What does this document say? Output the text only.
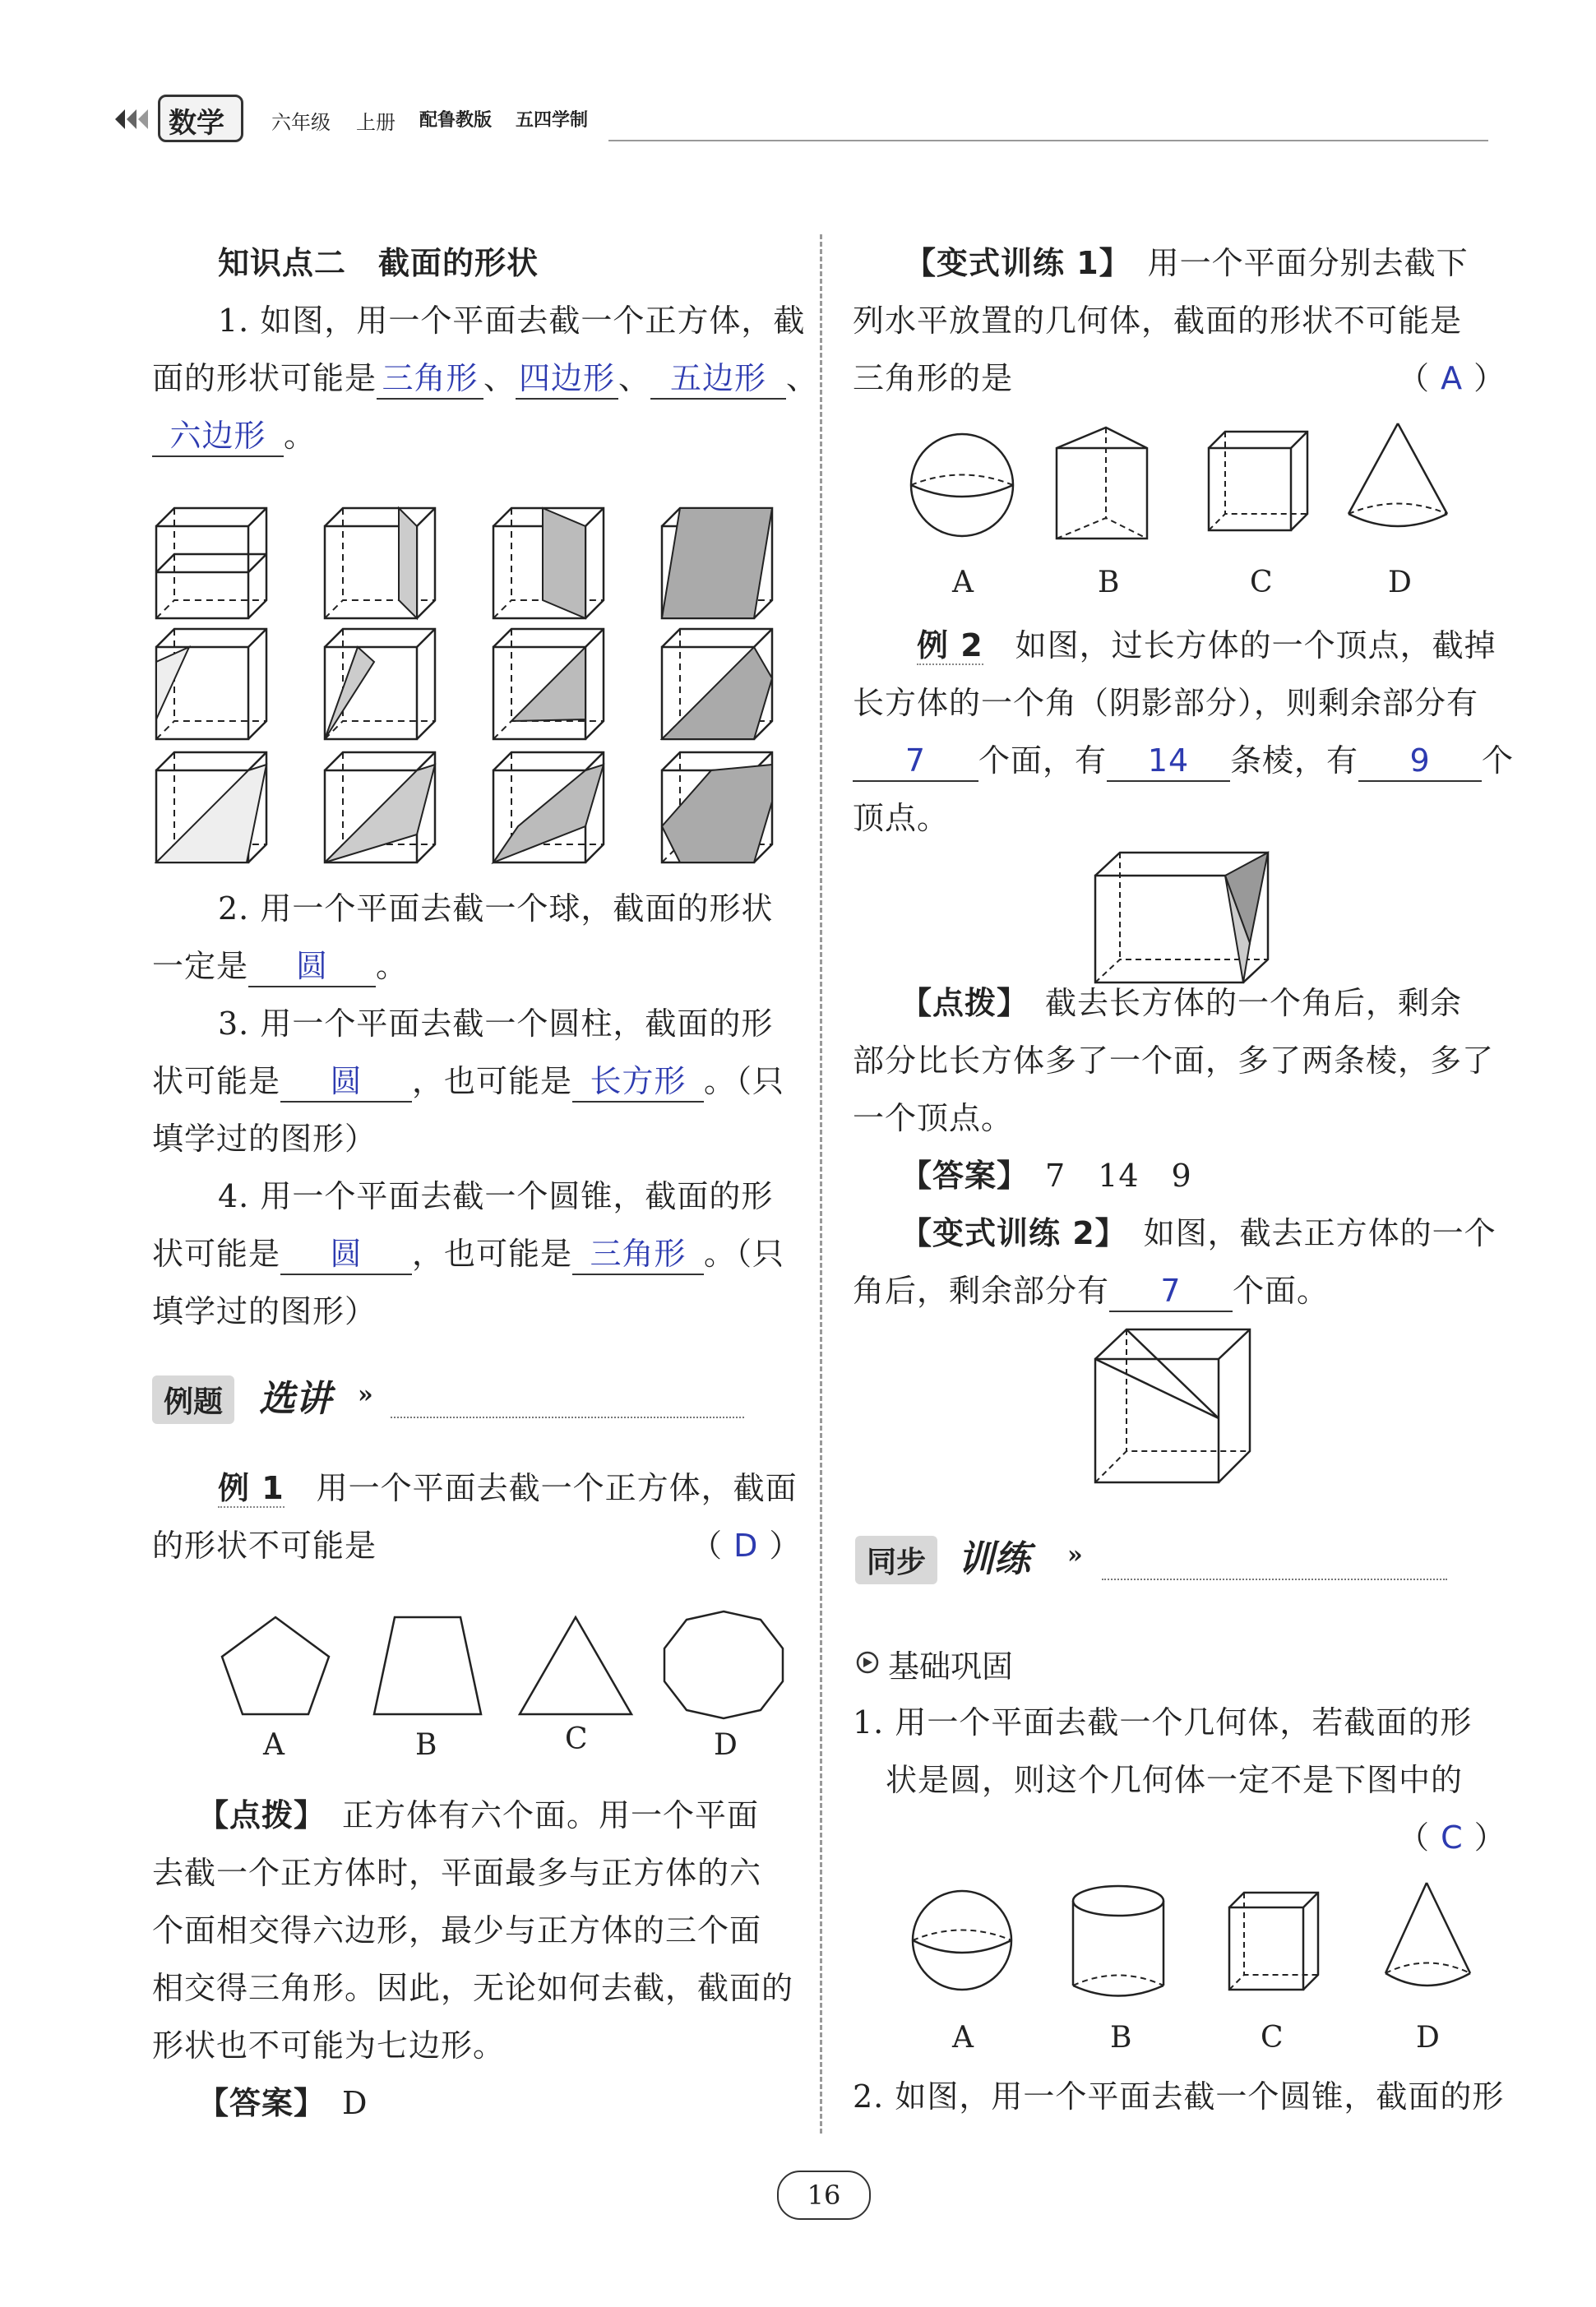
数学 六年级 上册 配鲁教版 五四学制
知识点二　截面的形状
1. 如图，用一个平面去截一个正方体，截
面的形状可能是 三角形 、 四边形 、 五边形 、
六边形 。
2. 用一个平面去截一个球，截面的形状
一定是 圆 。
3. 用一个平面去截一个圆柱，截面的形
状可能是 圆 ，也可能是 长方形 。（只
填学过的图形）
4. 用一个平面去截一个圆锥，截面的形
状可能是 圆 ，也可能是 三角形 。（只
填学过的图形）
例题 选讲 »
例 1　用一个平面去截一个正方体，截面
的形状不可能是	（ D ）
A	B	C	D
【点拨】　正方体有六个面。用一个平面
去截一个正方体时，平面最多与正方体的六
个面相交得六边形，最少与正方体的三个面
相交得三角形。因此，无论如何去截，截面的
形状也不可能为七边形。
【答案】　D
【变式训练 1】　用一个平面分别去截下
列水平放置的几何体，截面的形状不可能是
三角形的是	（ A ）
A	B	C	D
例 2　如图，过长方体的一个顶点，截掉
长方体的一个角（阴影部分），则剩余部分有
7 个面，有 14 条棱，有 9 个
顶点。
【点拨】　截去长方体的一个角后，剩余
部分比长方体多了一个面，多了两条棱，多了
一个顶点。
【答案】　7　14　9
【变式训练 2】　如图，截去正方体的一个
角后，剩余部分有 7 个面。
同步 训练 »
基础巩固
1. 用一个平面去截一个几何体，若截面的形
状是圆，则这个几何体一定不是下图中的
（ C ）
A	B	C	D
2. 如图，用一个平面去截一个圆锥，截面的形
16
